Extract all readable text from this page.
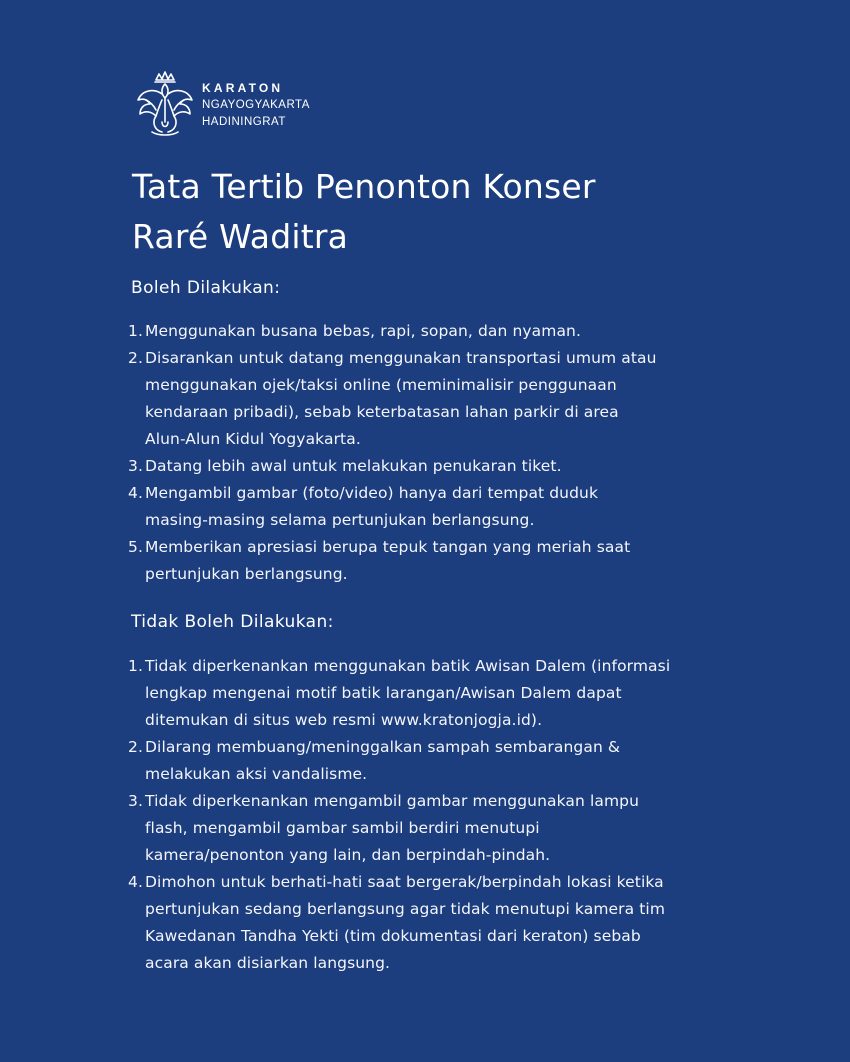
KARATON
NGAYOGYAKARTA
HADININGRAT
Tata Tertib Penonton Konser
Raré Waditra
Boleh Dilakukan:
1. Menggunakan busana bebas, rapi, sopan, dan nyaman.
2. Disarankan untuk datang menggunakan transportasi umum atau
menggunakan ojek/taksi online (meminimalisir penggunaan
kendaraan pribadi), sebab keterbatasan lahan parkir di area
Alun-Alun Kidul Yogyakarta.
3. Datang lebih awal untuk melakukan penukaran tiket.
4. Mengambil gambar (foto/video) hanya dari tempat duduk
masing-masing selama pertunjukan berlangsung.
5. Memberikan apresiasi berupa tepuk tangan yang meriah saat
pertunjukan berlangsung.
Tidak Boleh Dilakukan:
1. Tidak diperkenankan menggunakan batik Awisan Dalem (informasi
lengkap mengenai motif batik larangan/Awisan Dalem dapat
ditemukan di situs web resmi www.kratonjogja.id).
2. Dilarang membuang/meninggalkan sampah sembarangan &
melakukan aksi vandalisme.
3. Tidak diperkenankan mengambil gambar menggunakan lampu
flash, mengambil gambar sambil berdiri menutupi
kamera/penonton yang lain, dan berpindah-pindah.
4. Dimohon untuk berhati-hati saat bergerak/berpindah lokasi ketika
pertunjukan sedang berlangsung agar tidak menutupi kamera tim
Kawedanan Tandha Yekti (tim dokumentasi dari keraton) sebab
acara akan disiarkan langsung.
